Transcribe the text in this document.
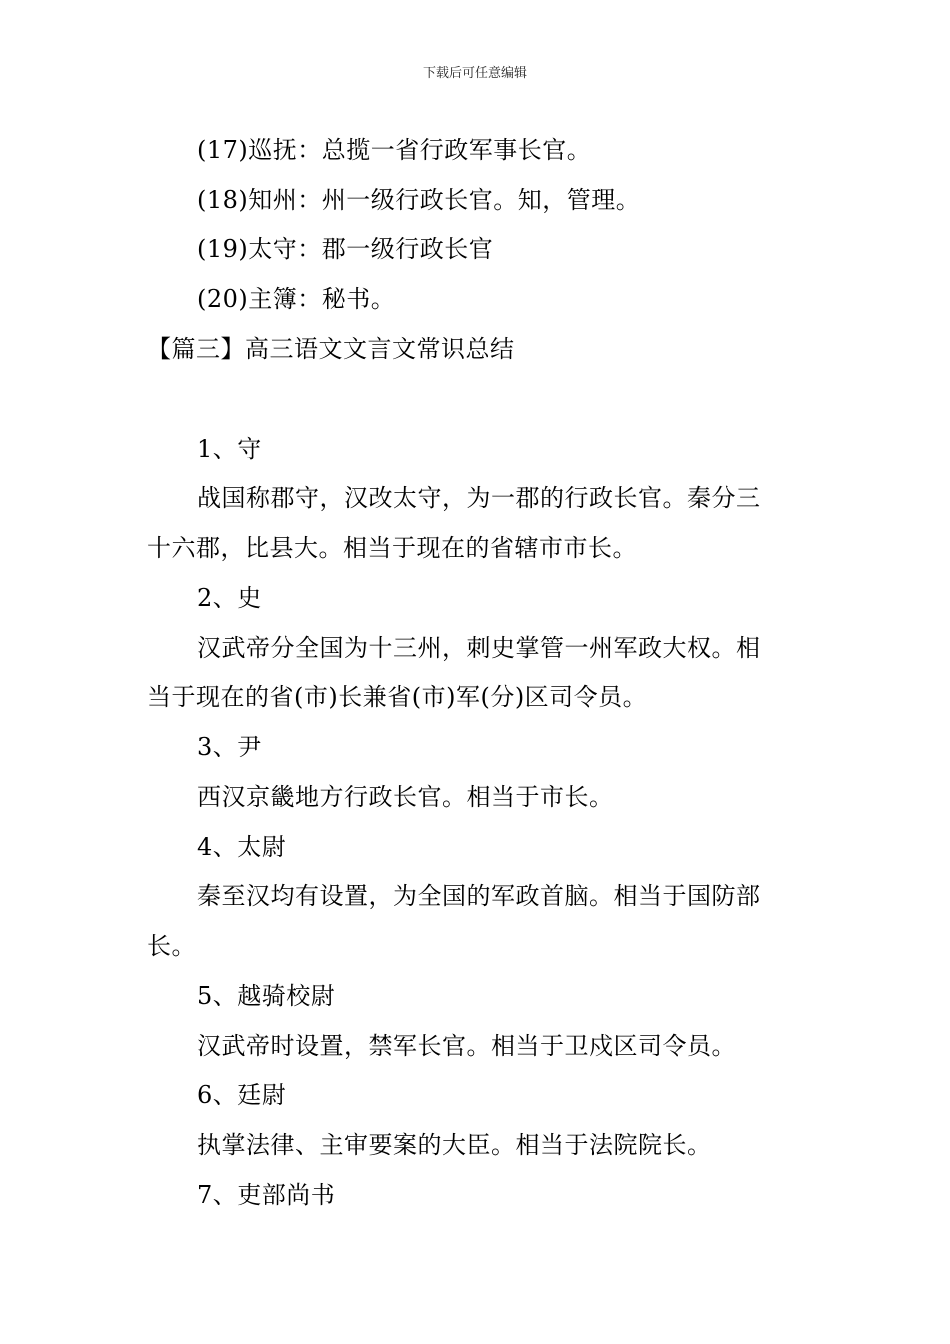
下载后可任意编辑
(17)巡抚：总揽一省行政军事长官。
(18)知州：州一级行政长官。知，管理。
(19)太守：郡一级行政长官
(20)主簿：秘书。
【篇三】高三语文文言文常识总结
1、守
战国称郡守，汉改太守，为一郡的行政长官。秦分三
十六郡，比县大。相当于现在的省辖市市长。
2、史
汉武帝分全国为十三州，刺史掌管一州军政大权。相
当于现在的省(市)长兼省(市)军(分)区司令员。
3、尹
西汉京畿地方行政长官。相当于市长。
4、太尉
秦至汉均有设置，为全国的军政首脑。相当于国防部
长。
5、越骑校尉
汉武帝时设置，禁军长官。相当于卫戍区司令员。
6、廷尉
执掌法律、主审要案的大臣。相当于法院院长。
7、吏部尚书
